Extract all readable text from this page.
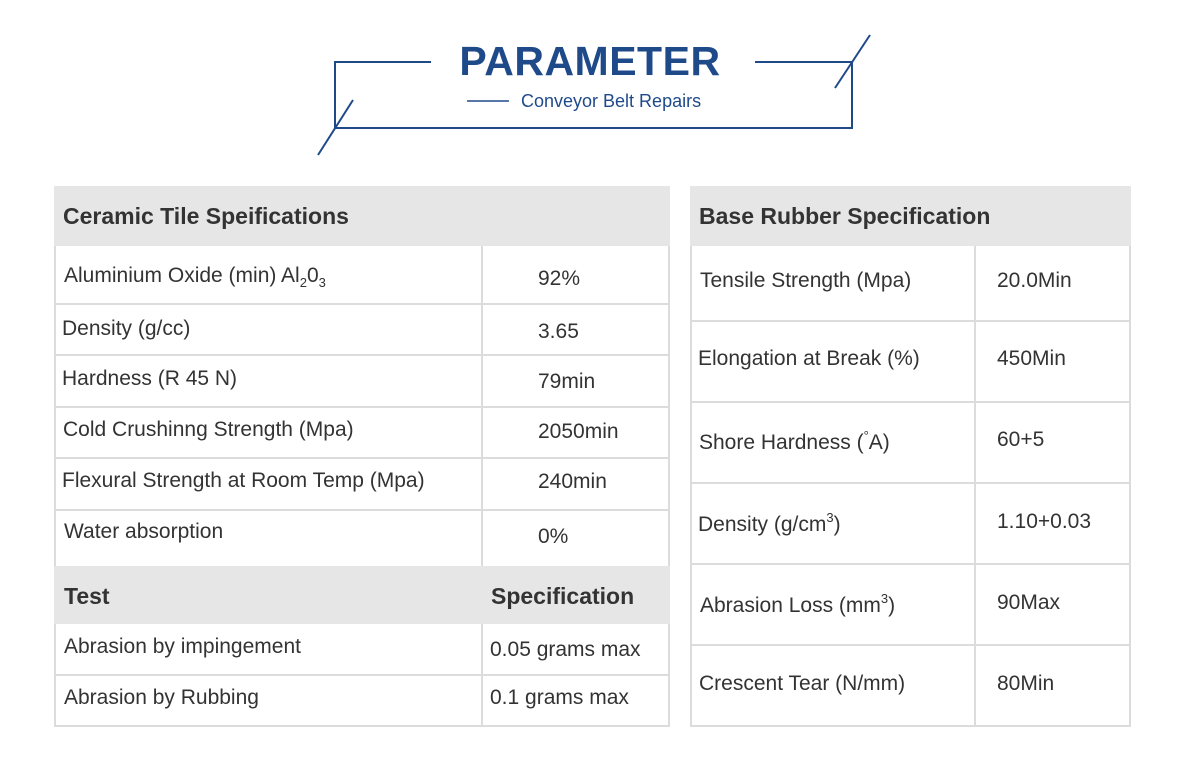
PARAMETER
Conveyor Belt Repairs
Ceramic Tile Speifications
Aluminium Oxide (min) $Al_20_3$	92%
Density (g/cc)	3.65
Hardness (R 45 N)	79min
Cold Crushinng Strength (Mpa)	2050min
Flexural Strength at Room Temp (Mpa)	240min
Water absorption	0%
Test	Specification
Abrasion by impingement	0.05 grams max
Abrasion by Rubbing	0.1 grams max
Base Rubber Specification
Tensile Strength (Mpa)	20.0Min
Elongation at Break (%)	450Min
Shore Hardness (°A)	60+5
Density $(g/cm^3)$	1.10+0.03
Abrasion Loss $(mm^3)$	90Max
Crescent Tear (N/mm)	80Min
